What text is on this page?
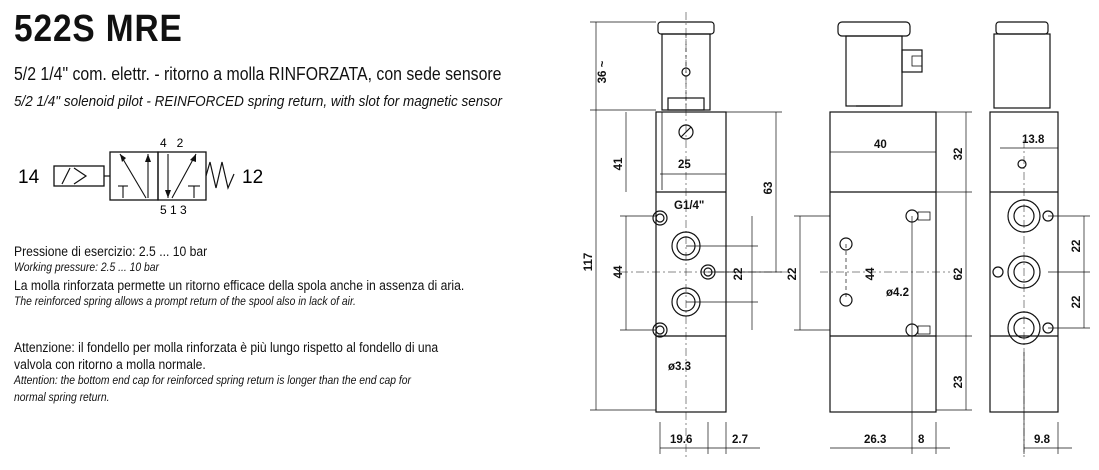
522S MRE
5/2 1/4" com. elettr. - ritorno a molla RINFORZATA, con sede sensore
5/2 1/4" solenoid pilot - REINFORCED spring return, with slot for magnetic sensor
14	12
4   2
5 1 3
Pressione di esercizio: 2.5 ... 10 bar
Working pressure: 2.5 ... 10 bar
La molla rinforzata permette un ritorno efficace della spola anche in assenza di aria.
The reinforced spring allows a prompt return of the spool also in lack of air.
Attenzione: il fondello per molla rinforzata è più lungo rispetto al fondello di una
valvola con ritorno a molla normale.
Attention: the bottom end cap for reinforced spring return is longer than the end cap for
normal spring return.
36 ~
117
41
44
25
63
22
G1/4"
ø3.3
19.6	2.7
22
40
32
44
ø4.2
62
23
26.3	8
13.8
22
22
9.8
